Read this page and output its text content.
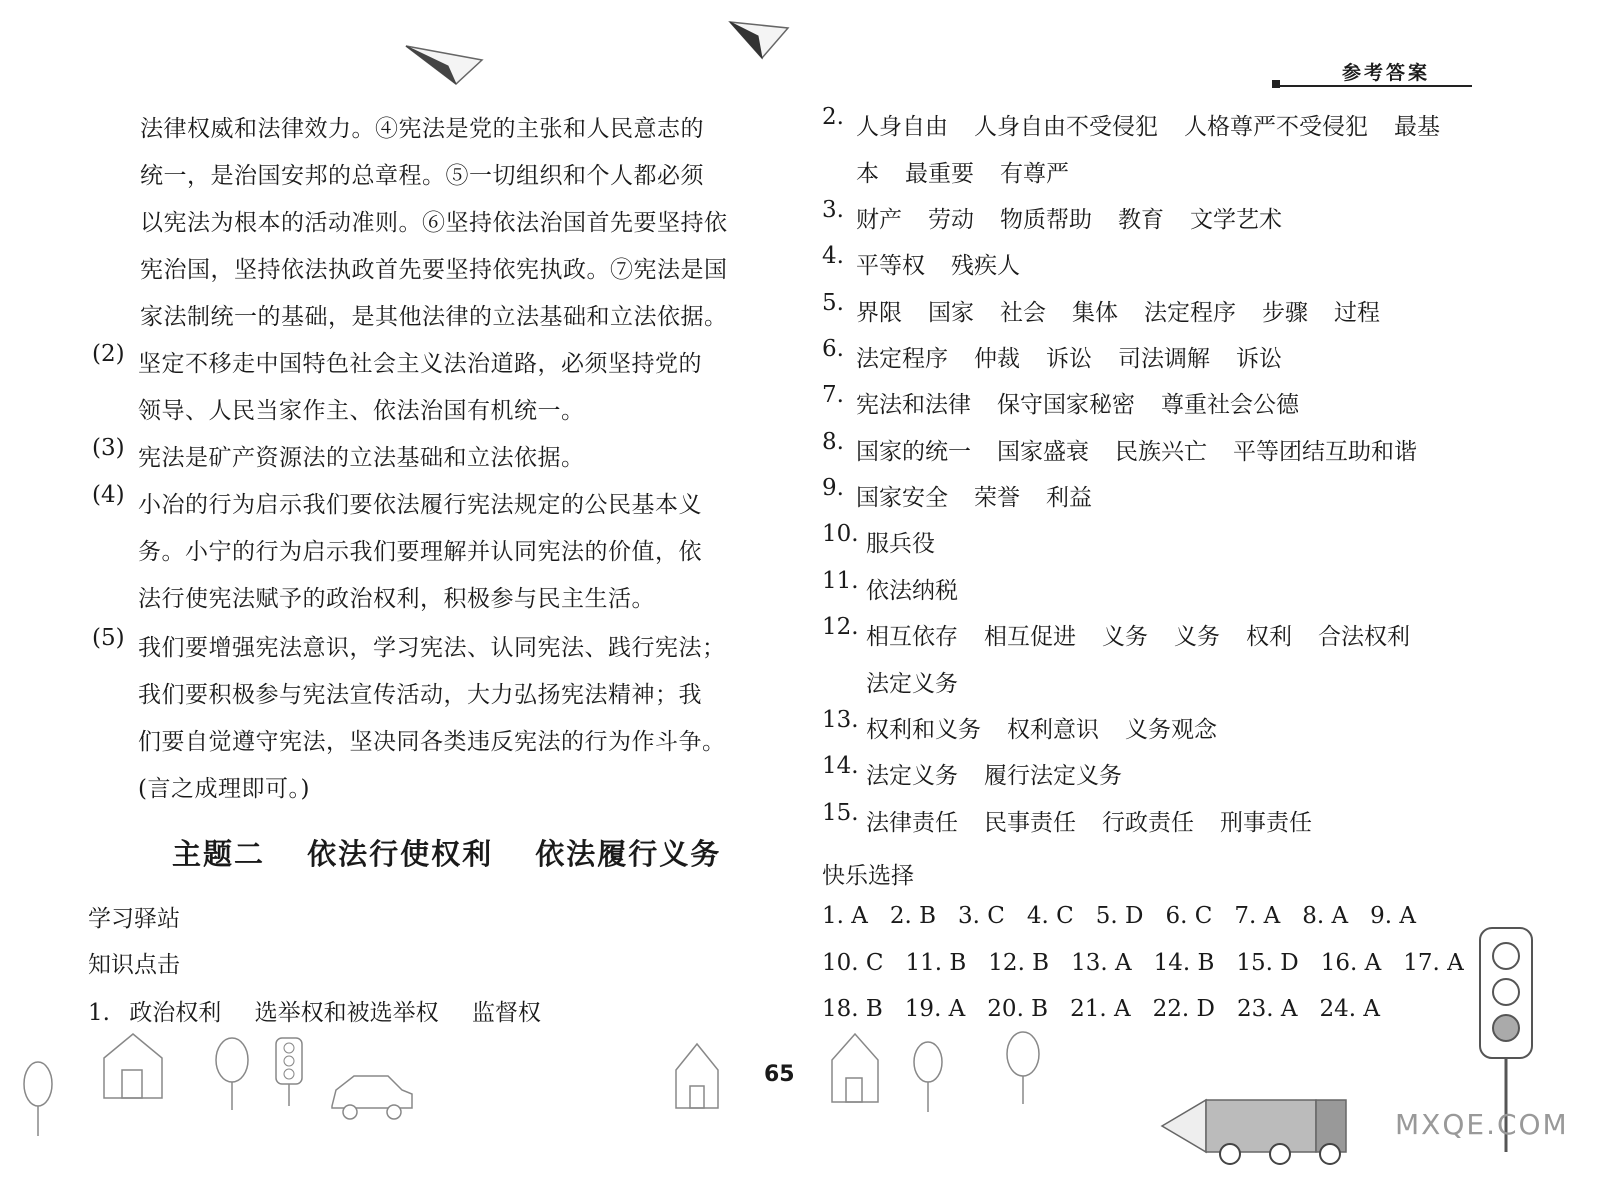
法律权威和法律效力。④宪法是党的主张和人民意志的
统一，是治国安邦的总章程。⑤一切组织和个人都必须
以宪法为根本的活动准则。⑥坚持依法治国首先要坚持依
宪治国，坚持依法执政首先要坚持依宪执政。⑦宪法是国
家法制统一的基础，是其他法律的立法基础和立法依据。
(2) 坚定不移走中国特色社会主义法治道路，必须坚持党的
领导、人民当家作主、依法治国有机统一。
(3) 宪法是矿产资源法的立法基础和立法依据。
(4) 小冶的行为启示我们要依法履行宪法规定的公民基本义
务。小宁的行为启示我们要理解并认同宪法的价值，依
法行使宪法赋予的政治权利，积极参与民主生活。
(5) 我们要增强宪法意识，学习宪法、认同宪法、践行宪法；
我们要积极参与宪法宣传活动，大力弘扬宪法精神；我
们要自觉遵守宪法，坚决同各类违反宪法的行为作斗争。
(言之成理即可。)
主题二 依法行使权利 依法履行义务
学习驿站
知识点击
1. 政治权利 选举权和被选举权 监督权
65
参考答案
2. 人身自由 人身自由不受侵犯 人格尊严不受侵犯 最基
本 最重要 有尊严
3. 财产 劳动 物质帮助 教育 文学艺术
4. 平等权 残疾人
5. 界限 国家 社会 集体 法定程序 步骤 过程
6. 法定程序 仲裁 诉讼 司法调解 诉讼
7. 宪法和法律 保守国家秘密 尊重社会公德
8. 国家的统一 国家盛衰 民族兴亡 平等团结互助和谐
9. 国家安全 荣誉 利益
10. 服兵役
11. 依法纳税
12. 相互依存 相互促进 义务 义务 权利 合法权利
法定义务
13. 权利和义务 权利意识 义务观念
14. 法定义务 履行法定义务
15. 法律责任 民事责任 行政责任 刑事责任
快乐选择
1. A 2. B 3. C 4. C 5. D 6. C 7. A 8. A 9. A
10. C 11. B 12. B 13. A 14. B 15. D 16. A 17. A
18. B 19. A 20. B 21. A 22. D 23. A 24. A
MXQE.COM
